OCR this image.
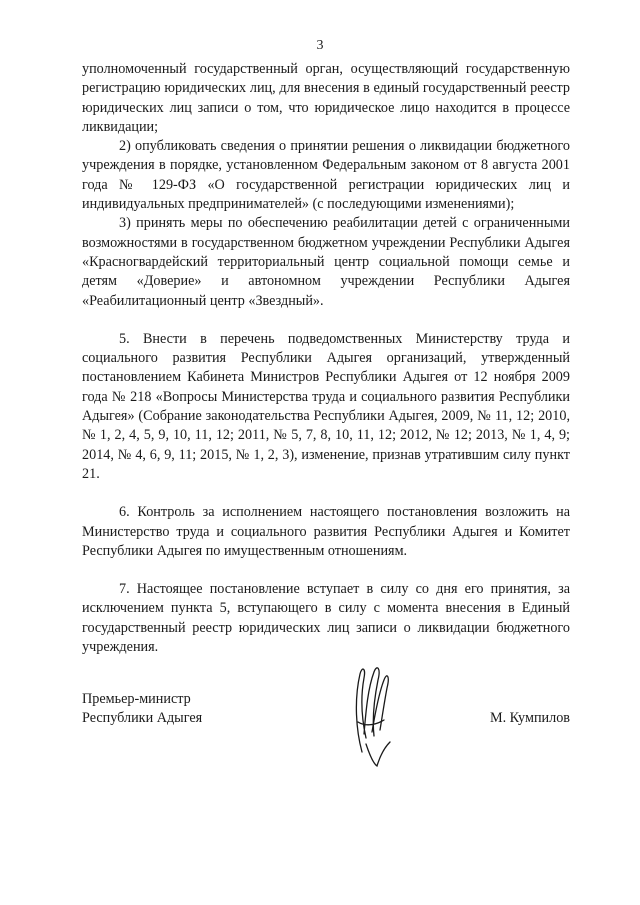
3

уполномоченный государственный орган, осуществляющий государственную регистрацию юридических лиц, для внесения в единый государственный реестр юридических лиц записи о том, что юридическое лицо находится в процессе ликвидации;

2) опубликовать сведения о принятии решения о ликвидации бюджетного учреждения в порядке, установленном Федеральным законом от 8 августа 2001 года № 129-ФЗ «О государственной регистрации юридических лиц и индивидуальных предпринимателей» (с последующими изменениями);

3) принять меры по обеспечению реабилитации детей с ограниченными возможностями в государственном бюджетном учреждении Республики Адыгея «Красногвардейский территориальный центр социальной помощи семье и детям «Доверие» и автономном учреждении Республики Адыгея «Реабилитационный центр «Звездный».

5. Внести в перечень подведомственных Министерству труда и социального развития Республики Адыгея организаций, утвержденный постановлением Кабинета Министров Республики Адыгея от 12 ноября 2009 года № 218 «Вопросы Министерства труда и социального развития Республики Адыгея» (Собрание законодательства Республики Адыгея, 2009, № 11, 12; 2010, № 1, 2, 4, 5, 9, 10, 11, 12; 2011, № 5, 7, 8, 10, 11, 12; 2012, № 12; 2013, № 1, 4, 9; 2014, № 4, 6, 9, 11; 2015, № 1, 2, 3), изменение, признав утратившим силу пункт 21.

6. Контроль за исполнением настоящего постановления возложить на Министерство труда и социального развития Республики Адыгея и Комитет Республики Адыгея по имущественным отношениям.

7. Настоящее постановление вступает в силу со дня его принятия, за исключением пункта 5, вступающего в силу с момента внесения в Единый государственный реестр юридических лиц записи о ликвидации бюджетного учреждения.

Премьер-министр
Республики Адыгея	М. Кумпилов
